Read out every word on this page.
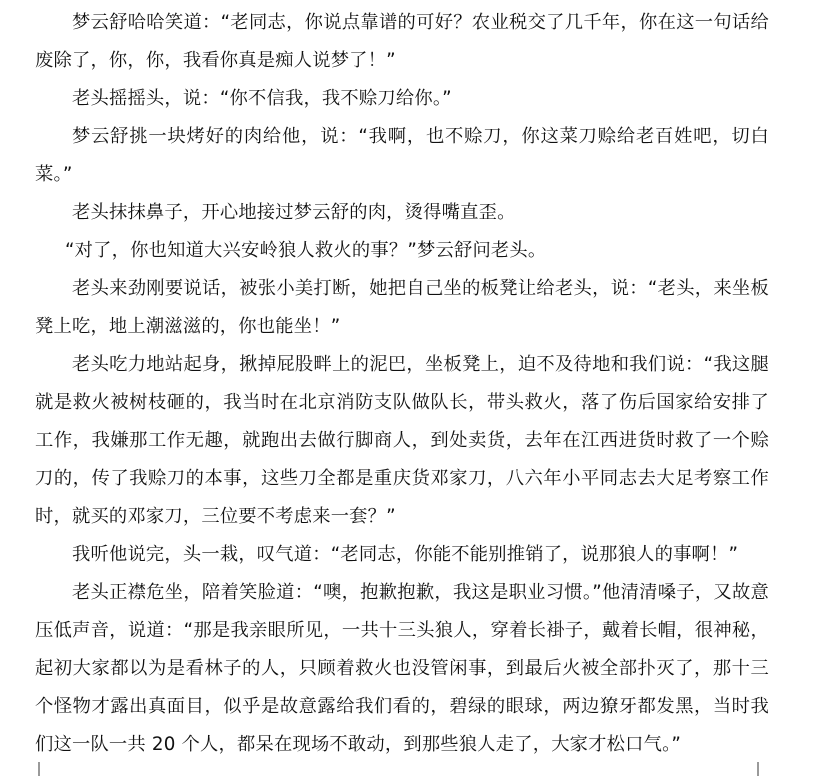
梦云舒哈哈笑道：“老同志，你说点靠谱的可好？农业税交了几千年，你在这一句话给废除了，你，你，我看你真是痴人说梦了！”

老头摇摇头，说：“你不信我，我不赊刀给你。”

梦云舒挑一块烤好的肉给他，说：“我啊，也不赊刀，你这菜刀赊给老百姓吧，切白菜。”

老头抹抹鼻子，开心地接过梦云舒的肉，烫得嘴直歪。

“对了，你也知道大兴安岭狼人救火的事？”梦云舒问老头。

老头来劲刚要说话，被张小美打断，她把自己坐的板凳让给老头，说：“老头，来坐板凳上吃，地上潮滋滋的，你也能坐！”

老头吃力地站起身，揪掉屁股畔上的泥巴，坐板凳上，迫不及待地和我们说：“我这腿就是救火被树枝砸的，我当时在北京消防支队做队长，带头救火，落了伤后国家给安排了工作，我嫌那工作无趣，就跑出去做行脚商人，到处卖货，去年在江西进货时救了一个赊刀的，传了我赊刀的本事，这些刀全都是重庆货邓家刀，八六年小平同志去大足考察工作时，就买的邓家刀，三位要不考虑来一套？”

我听他说完，头一栽，叹气道：“老同志，你能不能别推销了，说那狼人的事啊！”

老头正襟危坐，陪着笑脸道：“噢，抱歉抱歉，我这是职业习惯。”他清清嗓子，又故意压低声音，说道：“那是我亲眼所见，一共十三头狼人，穿着长褂子，戴着长帽，很神秘，起初大家都以为是看林子的人，只顾着救火也没管闲事，到最后火被全部扑灭了，那十三个怪物才露出真面目，似乎是故意露给我们看的，碧绿的眼球，两边獠牙都发黑，当时我们这一队一共 20 个人，都呆在现场不敢动，到那些狼人走了，大家才松口气。”
